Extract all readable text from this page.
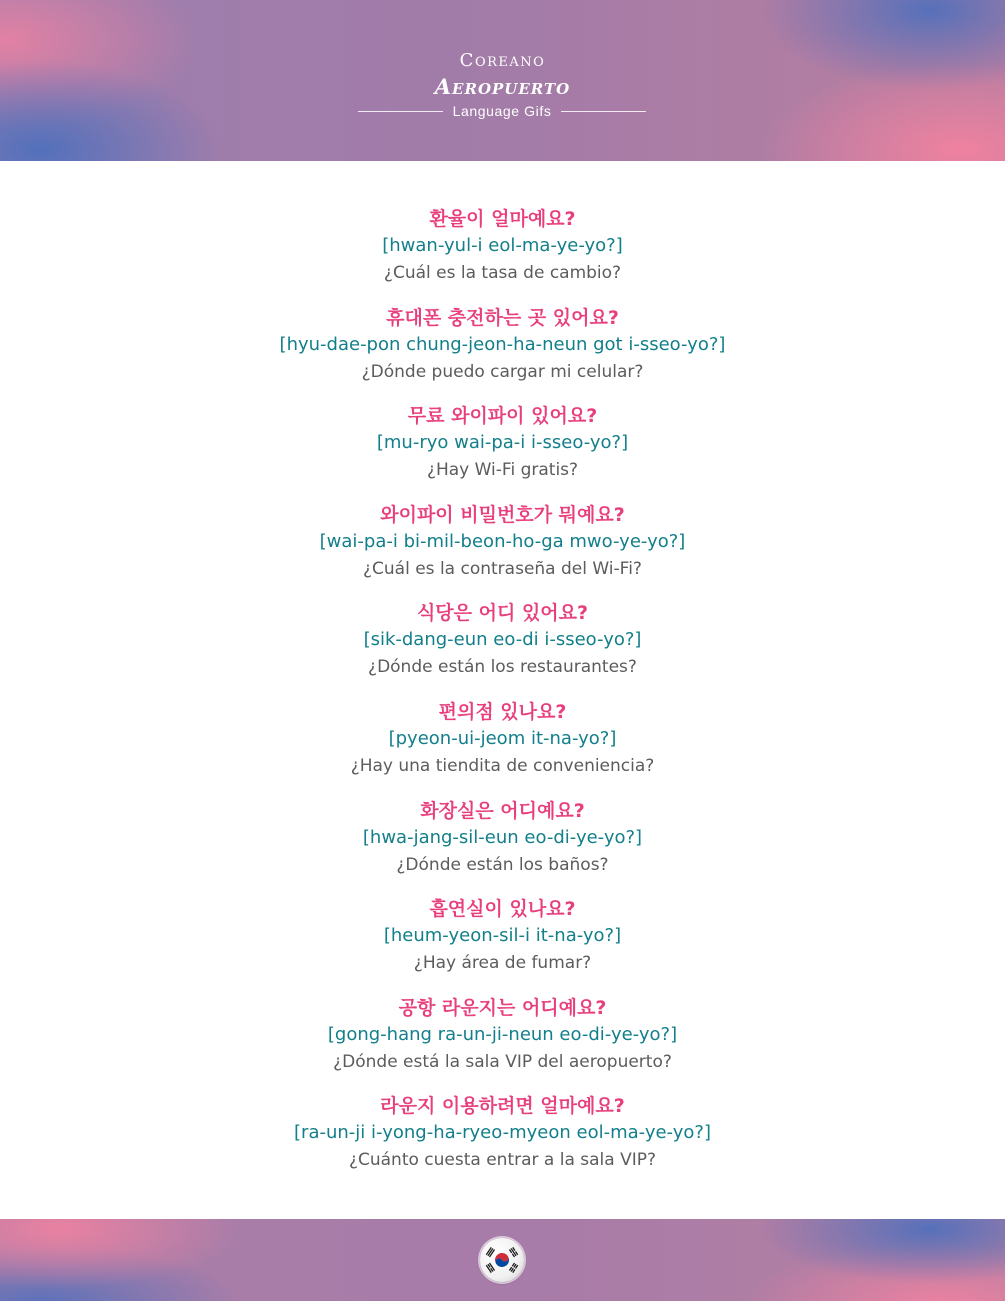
Coreano
Aeropuerto
Language Gifs
환율이 얼마예요?
[hwan-yul-i eol-ma-ye-yo?]
¿Cuál es la tasa de cambio?
휴대폰 충전하는 곳 있어요?
[hyu-dae-pon chung-jeon-ha-neun got i-sseo-yo?]
¿Dónde puedo cargar mi celular?
무료 와이파이 있어요?
[mu-ryo wai-pa-i i-sseo-yo?]
¿Hay Wi-Fi gratis?
와이파이 비밀번호가 뭐예요?
[wai-pa-i bi-mil-beon-ho-ga mwo-ye-yo?]
¿Cuál es la contraseña del Wi-Fi?
식당은 어디 있어요?
[sik-dang-eun eo-di i-sseo-yo?]
¿Dónde están los restaurantes?
편의점 있나요?
[pyeon-ui-jeom it-na-yo?]
¿Hay una tiendita de conveniencia?
화장실은 어디예요?
[hwa-jang-sil-eun eo-di-ye-yo?]
¿Dónde están los baños?
흡연실이 있나요?
[heum-yeon-sil-i it-na-yo?]
¿Hay área de fumar?
공항 라운지는 어디예요?
[gong-hang ra-un-ji-neun eo-di-ye-yo?]
¿Dónde está la sala VIP del aeropuerto?
라운지 이용하려면 얼마예요?
[ra-un-ji i-yong-ha-ryeo-myeon eol-ma-ye-yo?]
¿Cuánto cuesta entrar a la sala VIP?
